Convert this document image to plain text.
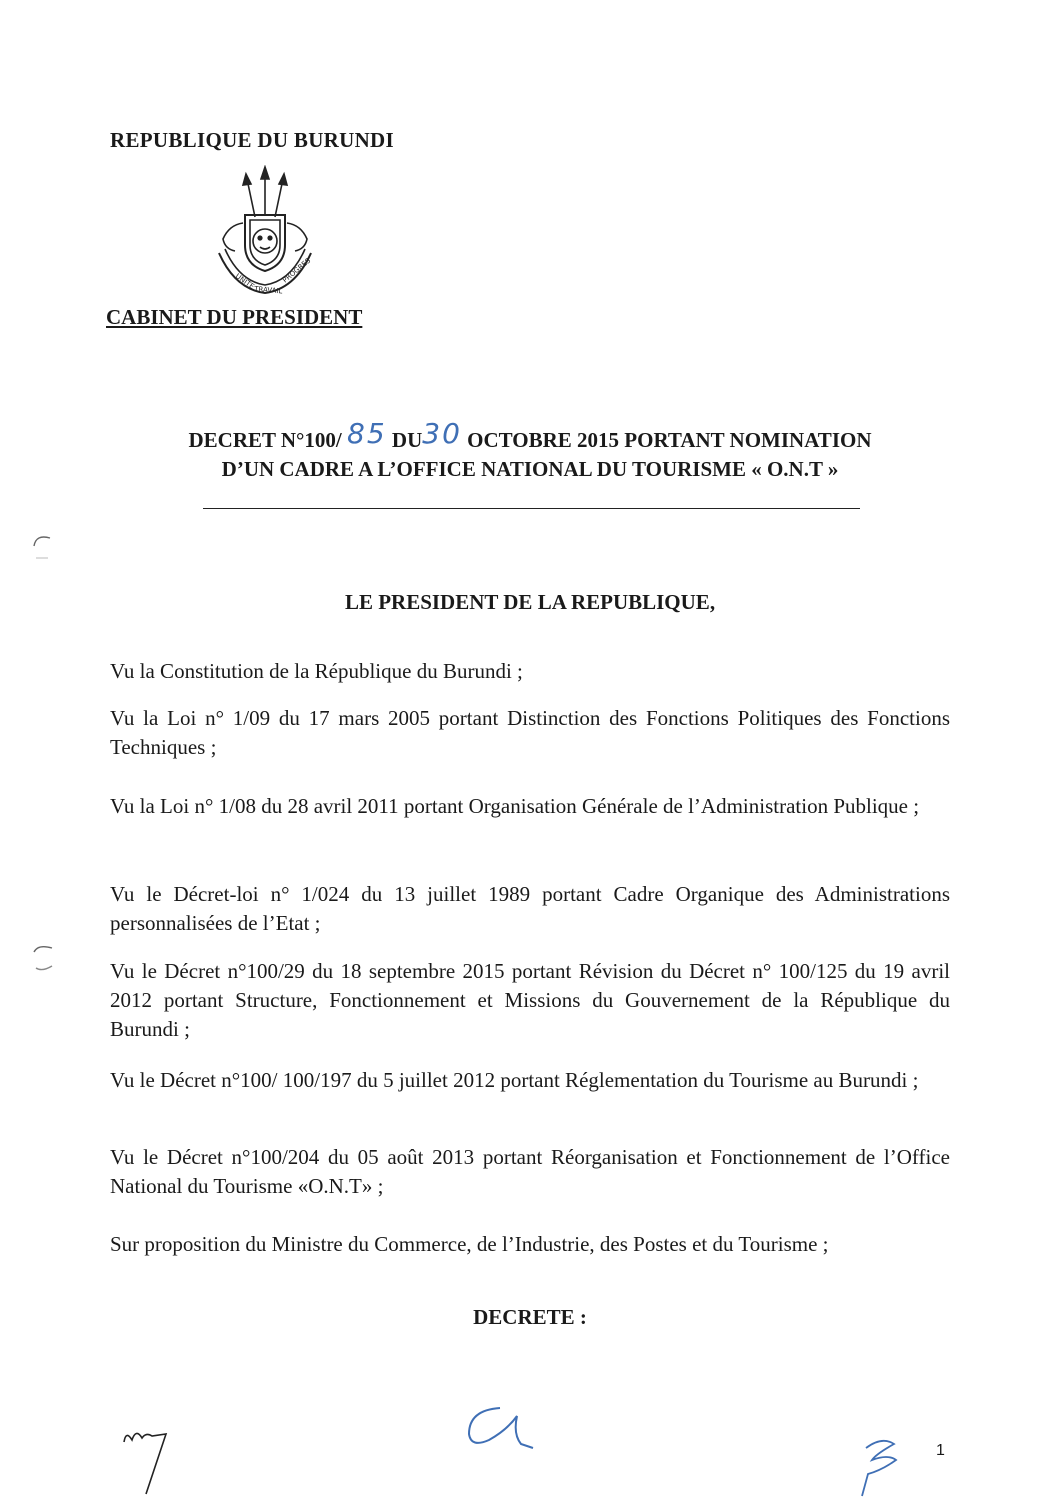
REPUBLIQUE DU BURUNDI
UNITE
TRAVAIL
PROGRES
CABINET DU PRESIDENT
DECRET N°100/ 85 DU30 OCTOBRE 2015 PORTANT NOMINATION
D’UN CADRE A L’OFFICE NATIONAL DU TOURISME « O.N.T »
LE PRESIDENT DE LA REPUBLIQUE,
Vu la Constitution de la République du Burundi ;
Vu la Loi n° 1/09 du 17 mars 2005 portant Distinction des Fonctions Politiques des Fonctions Techniques ;
Vu la Loi n° 1/08 du 28 avril 2011 portant Organisation Générale de l’Administration Publique ;
Vu le Décret-loi n° 1/024 du 13 juillet 1989 portant Cadre Organique des Administrations personnalisées de l’Etat ;
Vu le Décret n°100/29 du 18 septembre 2015 portant Révision du Décret n° 100/125 du 19 avril 2012 portant Structure, Fonctionnement et Missions du Gouvernement de la République du Burundi ;
Vu le Décret n°100/ 100/197 du 5 juillet 2012 portant Réglementation du Tourisme au Burundi ;
Vu le Décret n°100/204 du 05 août 2013 portant Réorganisation et Fonctionnement de l’Office National du Tourisme «O.N.T» ;
Sur proposition du Ministre du Commerce, de l’Industrie, des Postes et du Tourisme ;
DECRETE :
1
